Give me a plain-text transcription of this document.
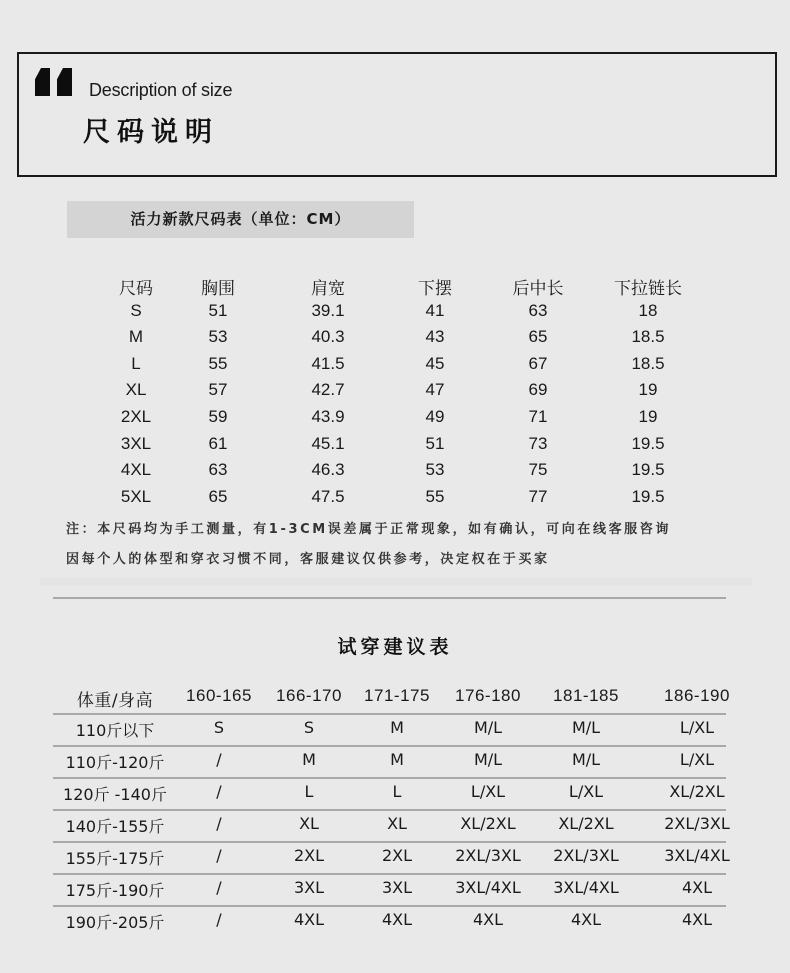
Description of size
尺码说明
活力新款尺码表（单位：CM）
尺码	胸围	肩宽	下摆	后中长	下拉链长
S	51	39.1	41	63	18
M	53	40.3	43	65	18.5
L	55	41.5	45	67	18.5
XL	57	42.7	47	69	19
2XL	59	43.9	49	71	19
3XL	61	45.1	51	73	19.5
4XL	63	46.3	53	75	19.5
5XL	65	47.5	55	77	19.5
注：本尺码均为手工测量，有1-3CM误差属于正常现象，如有确认，可向在线客服咨询
因每个人的体型和穿衣习惯不同，客服建议仅供参考，决定权在于买家
试穿建议表
体重/身高 160-165 166-170 171-175 176-180 181-185	186-190
110斤以下	S	S	M	M/L	M/L	L/XL
110斤-120斤	/	M	M	M/L	M/L	L/XL
120斤 -140斤	/	L	L	L/XL	L/XL	XL/2XL
140斤-155斤	/	XL	XL	XL/2XL	XL/2XL	2XL/3XL
155斤-175斤	/	2XL	2XL	2XL/3XL 2XL/3XL	3XL/4XL
175斤-190斤	/	3XL	3XL	3XL/4XL 3XL/4XL	4XL
190斤-205斤	/	4XL	4XL	4XL	4XL	4XL
